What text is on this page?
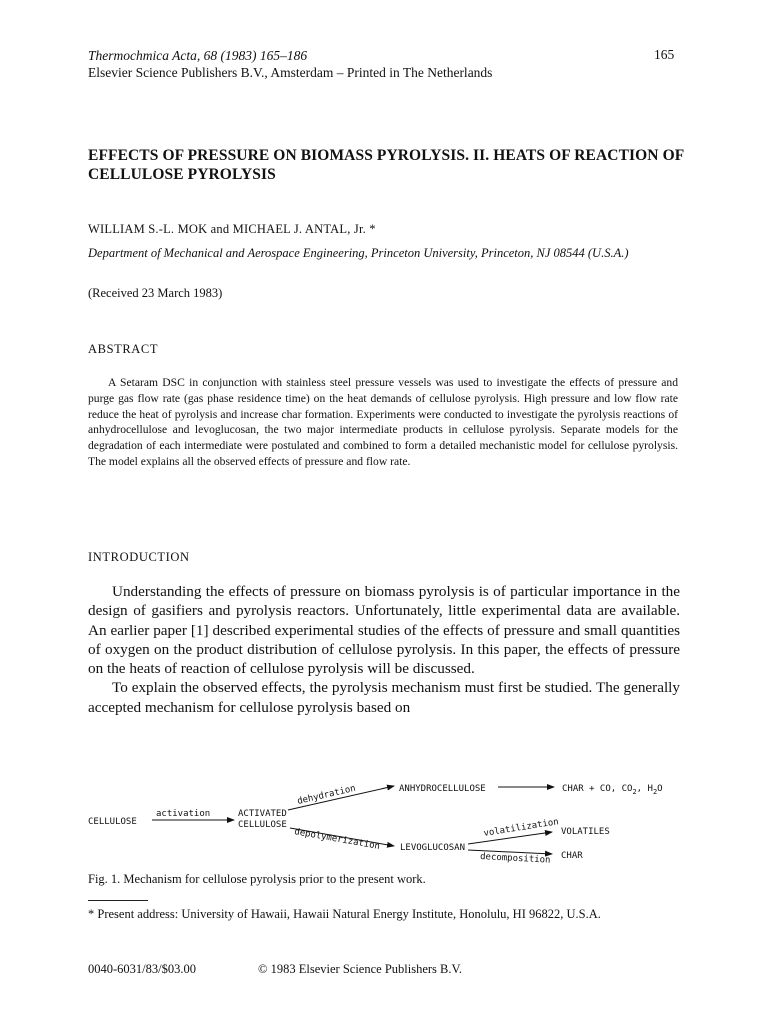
Thermochmica Acta, 68 (1983) 165–186
Elsevier Science Publishers B.V., Amsterdam – Printed in The Netherlands
165
EFFECTS OF PRESSURE ON BIOMASS PYROLYSIS. II. HEATS OF REACTION OF CELLULOSE PYROLYSIS
WILLIAM S.-L. MOK and MICHAEL J. ANTAL, Jr. *
Department of Mechanical and Aerospace Engineering, Princeton University, Princeton, NJ 08544 (U.S.A.)
(Received 23 March 1983)
ABSTRACT

A Setaram DSC in conjunction with stainless steel pressure vessels was used to investigate the effects of pressure and purge gas flow rate (gas phase residence time) on the heat demands of cellulose pyrolysis. High pressure and low flow rate reduce the heat of pyrolysis and increase char formation. Experiments were conducted to investigate the pyrolysis reactions of anhydrocellulose and levoglucosan, the two major intermediate products in cellulose pyrolysis. Separate models for the degradation of each intermediate were postulated and combined to form a detailed mechanistic model for cellulose pyrolysis. The model explains all the observed effects of pressure and flow rate.

INTRODUCTION

Understanding the effects of pressure on biomass pyrolysis is of particular importance in the design of gasifiers and pyrolysis reactors. Unfortunately, little experimental data are available. An earlier paper [1] described experimental studies of the effects of pressure and small quantities of oxygen on the product distribution of cellulose pyrolysis. In this paper, the effects of pressure on the heats of reaction of cellulose pyrolysis will be discussed.

To explain the observed effects, the pyrolysis mechanism must first be studied. The generally accepted mechanism for cellulose pyrolysis based on

CELLULOSE
activation	ACTIVATED
CELLULOSE
dehydration	ANHYDROCELLULOSE	CHAR + CO, $CO_2$, $H_2O$
depolymerization LEVOGLUCOSAN
volatilization VOLATILES
decomposition CHAR
Fig. 1. Mechanism for cellulose pyrolysis prior to the present work.
* Present address: University of Hawaii, Hawaii Natural Energy Institute, Honolulu, HI 96822, U.S.A.
0040-6031/83/$03.00	© 1983 Elsevier Science Publishers B.V.
